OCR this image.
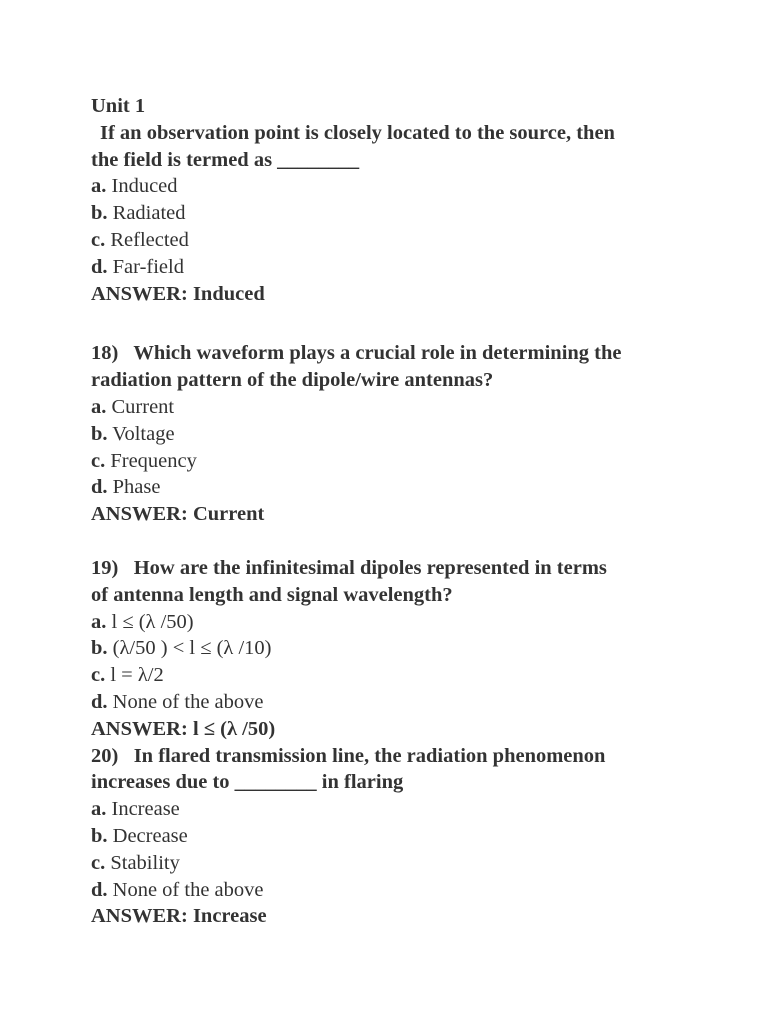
Unit 1
If an observation point is closely located to the source, then
the field is termed as ________
a. Induced
b. Radiated
c. Reflected
d. Far-field
ANSWER: Induced
18)   Which waveform plays a crucial role in determining the
radiation pattern of the dipole/wire antennas?
a. Current
b. Voltage
c. Frequency
d. Phase
ANSWER: Current
19)   How are the infinitesimal dipoles represented in terms
of antenna length and signal wavelength?
a. l ≤ (λ /50)
b. (λ/50 ) < l ≤ (λ /10)
c. l = λ/2
d. None of the above
ANSWER: l ≤ (λ /50)
20)   In flared transmission line, the radiation phenomenon
increases due to ________ in flaring
a. Increase
b. Decrease
c. Stability
d. None of the above
ANSWER: Increase
